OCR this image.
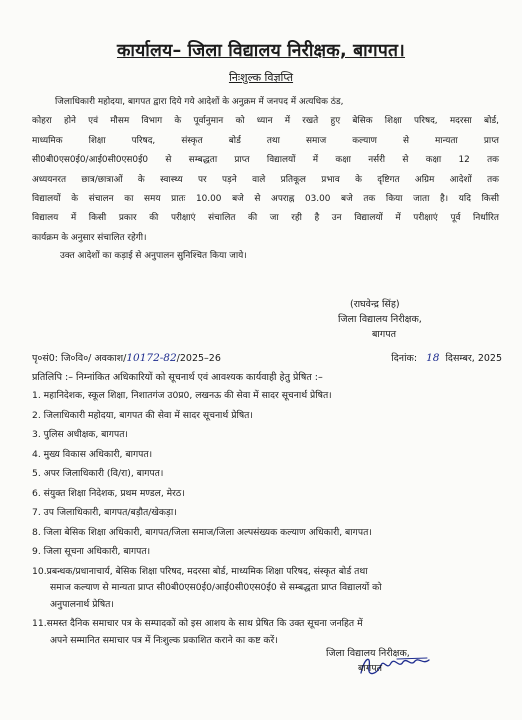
कार्यालय– जिला विद्यालय निरीक्षक, बागपत।
निःशुल्क विज्ञप्ति
जिलाधिकारी महोदया, बागपत द्वारा दिये गये आदेशों के अनुक्रम में जनपद में अत्यधिक ठंड,
कोहरा होने एवं मौसम विभाग के पूर्वानुमान को ध्यान में रखते हुए बेसिक शिक्षा परिषद, मदरसा बोर्ड,
माध्यमिक शिक्षा परिषद, संस्कृत बोर्ड तथा समाज कल्याण से मान्यता प्राप्त
सी0बी0एस0ई0/आई0सी0एस0ई0 से सम्बद्धता प्राप्त विद्यालयों में कक्षा नर्सरी से कक्षा 12 तक
अध्ययनरत छात्र/छात्राओं के स्वास्थ्य पर पड़ने वाले प्रतिकूल प्रभाव के दृष्टिगत अग्रिम आदेशों तक
विद्यालयों के संचालन का समय प्रातः 10.00 बजे से अपराह्न 03.00 बजे तक किया जाता है। यदि किसी
विद्यालय में किसी प्रकार की परीक्षाएं संचालित की जा रही है उन विद्यालयों में परीक्षाएं पूर्व निर्धारित
कार्यक्रम के अनुसार संचालित रहेगी।
उक्त आदेशों का कड़ाई से अनुपालन सुनिश्चित किया जाये।
(राघवेन्द्र सिंह)
जिला विद्यालय निरीक्षक,
बागपत
पृ०सं0: जि०वि०/ अवकाश/10172-82/2025–26	दिनांक: 18 दिसम्बर, 2025
प्रतिलिपि :– निम्नांकित अधिकारियों को सूचनार्थ एवं आवश्यक कार्यवाही हेतु प्रेषित :–
1. महानिदेशक, स्कूल शिक्षा, निशातगंज उ0प्र0, लखनऊ की सेवा में सादर सूचनार्थ प्रेषित।
2. जिलाधिकारी महोदया, बागपत की सेवा में सादर सूचनार्थ प्रेषित।
3. पुलिस अधीक्षक, बागपत।
4. मुख्य विकास अधिकारी, बागपत।
5. अपर जिलाधिकारी (वि/रा), बागपत।
6. संयुक्त शिक्षा निदेशक, प्रथम मण्डल, मेरठ।
7. उप जिलाधिकारी, बागपत/बड़ौत/खेकड़ा।
8. जिला बेसिक शिक्षा अधिकारी, बागपत/जिला समाज/जिला अल्पसंख्यक कल्याण अधिकारी, बागपत।
9. जिला सूचना अधिकारी, बागपत।
10.प्रबन्धक/प्रधानाचार्य, बेसिक शिक्षा परिषद, मदरसा बोर्ड, माध्यमिक शिक्षा परिषद, संस्कृत बोर्ड तथा
समाज कल्याण से मान्यता प्राप्त सी0बी0एस0ई0/आई0सी0एस0ई0 से सम्बद्धता प्राप्त विद्यालयों को
अनुपालनार्थ प्रेषित।
11.समस्त दैनिक समाचार पत्र के सम्पादकों को इस आशय के साथ प्रेषित कि उक्त सूचना जनहित में
अपने सम्मानित समाचार पत्र में निःशुल्क प्रकाशित कराने का कष्ट करें।
जिला विद्यालय निरीक्षक,
बागपत
